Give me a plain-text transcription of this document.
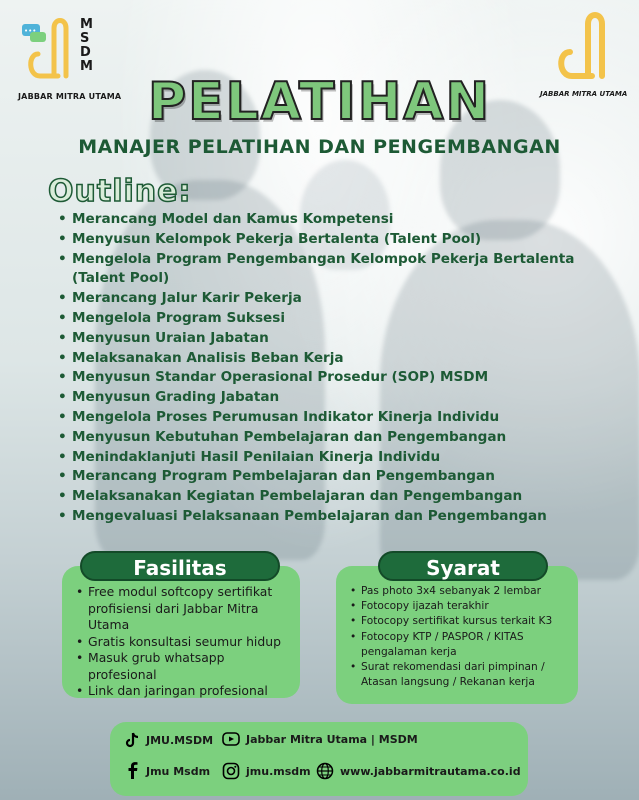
•••	MSDM
JABBAR MITRA UTAMA	JABBAR MITRA UTAMA
PELATIHAN
MANAJER PELATIHAN DAN PENGEMBANGAN
Outline:
• Merancang Model dan Kamus Kompetensi
• Menyusun Kelompok Pekerja Bertalenta (Talent Pool)
• Mengelola Program Pengembangan Kelompok Pekerja Bertalenta (Talent Pool)
• Merancang Jalur Karir Pekerja
• Mengelola Program Suksesi
• Menyusun Uraian Jabatan
• Melaksanakan Analisis Beban Kerja
• Menyusun Standar Operasional Prosedur (SOP) MSDM
• Menyusun Grading Jabatan
• Mengelola Proses Perumusan Indikator Kinerja Individu
• Menyusun Kebutuhan Pembelajaran dan Pengembangan
• Menindaklanjuti Hasil Penilaian Kinerja Individu
• Merancang Program Pembelajaran dan Pengembangan
• Melaksanakan Kegiatan Pembelajaran dan Pengembangan
• Mengevaluasi Pelaksanaan Pembelajaran dan Pengembangan
• Free modul softcopy sertifikat profisiensi dari Jabbar Mitra Utama
• Gratis konsultasi seumur hidup
• Masuk grub whatsapp profesional
• Link dan jaringan profesional
Fasilitas
• Pas photo 3x4 sebanyak 2 lembar
• Fotocopy ijazah terakhir
• Fotocopy sertifikat kursus terkait K3
• Fotocopy KTP / PASPOR / KITAS pengalaman kerja
• Surat rekomendasi dari pimpinan / Atasan langsung / Rekanan kerja
Syarat
JMU.MSDM	Jabbar Mitra Utama | MSDM
Jmu Msdm	jmu.msdm	www.jabbarmitrautama.co.id
